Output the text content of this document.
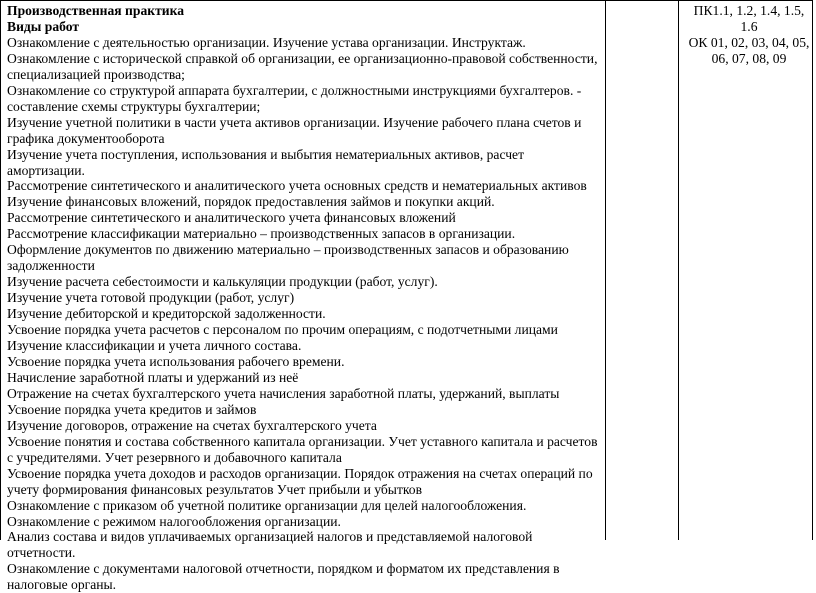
Производственная практика

Виды работ

Ознакомление с деятельностью организации. Изучение устава организации. Инструктаж.

Ознакомление с исторической справкой об организации, ее организационно-правовой собственности, специализацией производства;

Ознакомление со структурой аппарата бухгалтерии, с должностными инструкциями бухгалтеров. - составление схемы структуры бухгалтерии;

Изучение учетной политики в части учета активов организации. Изучение рабочего плана счетов и графика документооборота

Изучение учета поступления, использования и выбытия нематериальных активов, расчет амортизации.

Рассмотрение синтетического и аналитического учета основных средств и нематериальных активов

Изучение финансовых вложений, порядок предоставления займов и покупки акций.

Рассмотрение синтетического и аналитического учета финансовых вложений

Рассмотрение классификации материально – производственных запасов в организации.

Оформление документов по движению материально – производственных запасов и образованию задолженности

Изучение расчета себестоимости и калькуляции продукции (работ, услуг).

Изучение учета готовой продукции (работ, услуг)

Изучение дебиторской и кредиторской задолженности.

Усвоение порядка учета расчетов с персоналом по прочим операциям, с подотчетными лицами

Изучение классификации и учета личного состава.

Усвоение порядка учета использования рабочего времени.

Начисление заработной платы и удержаний из неё

Отражение на счетах бухгалтерского учета начисления заработной платы, удержаний, выплаты

Усвоение порядка учета кредитов и займов

Изучение договоров, отражение на счетах бухгалтерского учета

Усвоение понятия и состава собственного капитала организации. Учет уставного капитала и расчетов с учредителями. Учет резервного и добавочного капитала

Усвоение порядка учета доходов и расходов организации. Порядок отражения на счетах операций по учету формирования финансовых результатов Учет прибыли и убытков

Ознакомление с приказом об учетной политике организации для целей налогообложения.

Ознакомление с режимом налогообложения организации.

Анализ состава и видов уплачиваемых организацией налогов и представляемой налоговой отчетности.

Ознакомление с документами налоговой отчетности, порядком и форматом их представления в налоговые органы.

ПК1.1, 1.2, 1.4, 1.5, 1.6

ОК 01, 02, 03, 04, 05, 06, 07, 08, 09
